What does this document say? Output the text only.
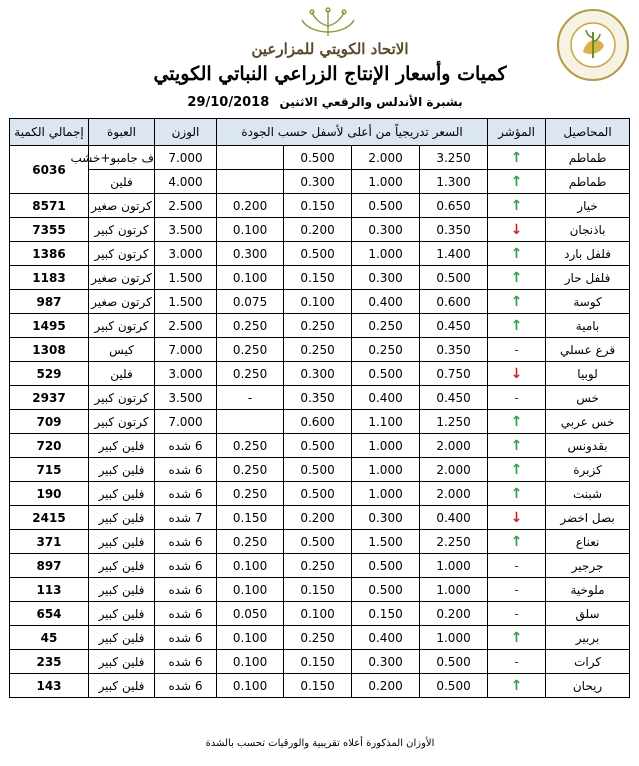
الاتحاد الكويتي للمزارعين
كميات وأسعار الإنتاج الزراعي النباتي الكويتي
بشبرة الأندلس والرقعي الاثنين 29/10/2018
المحاصيل	المؤشر	السعر تدريجياً من أعلى لأسفل حسب الجودة				الوزن	العبوة	إجمالي الكمية
طماطم	↑	3.250	2.000	0.500		7.000	ف جامبو+خشب	6036
طماطم	↑	1.300	1.000	0.300		4.000	فلين	
خيار	↑	0.650	0.500	0.150	0.200	2.500	كرتون صغير	8571
باذنجان	↓	0.350	0.300	0.200	0.100	3.500	كرتون كبير	7355
فلفل بارد	↑	1.400	1.000	0.500	0.300	3.000	كرتون كبير	1386
فلفل حار	↑	0.500	0.300	0.150	0.100	1.500	كرتون صغير	1183
كوسة	↑	0.600	0.400	0.100	0.075	1.500	كرتون صغير	987
بامية	↑	0.450	0.250	0.250	0.250	2.500	كرتون كبير	1495
قرع عسلي	-	0.350	0.250	0.250	0.250	7.000	كيس	1308
لوبيا	↓	0.750	0.500	0.300	0.250	3.000	فلين	529
خس	-	0.450	0.400	0.350	-	3.500	كرتون كبير	2937
خس عربي	↑	1.250	1.100	0.600		7.000	كرتون كبير	709
بقدونس	↑	2.000	1.000	0.500	0.250	6 شده	فلين كبير	720
كزبرة	↑	2.000	1.000	0.500	0.250	6 شده	فلين كبير	715
شبنت	↑	2.000	1.000	0.500	0.250	6 شده	فلين كبير	190
بصل اخضر	↓	0.400	0.300	0.200	0.150	7 شده	فلين كبير	2415
نعناع	↑	2.250	1.500	0.500	0.250	6 شده	فلين كبير	371
جرجير	-	1.000	0.500	0.250	0.100	6 شده	فلين كبير	897
ملوخية	-	1.000	0.500	0.150	0.100	6 شده	فلين كبير	113
سلق	-	0.200	0.150	0.100	0.050	6 شده	فلين كبير	654
بربير	↑	1.000	0.400	0.250	0.100	6 شده	فلين كبير	45
كرات	-	0.500	0.300	0.150	0.100	6 شده	فلين كبير	235
ريحان	↑	0.500	0.200	0.150	0.100	6 شده	فلين كبير	143
الأوزان المذكورة أعلاه تقريبية والورقيات تحسب بالشدة
